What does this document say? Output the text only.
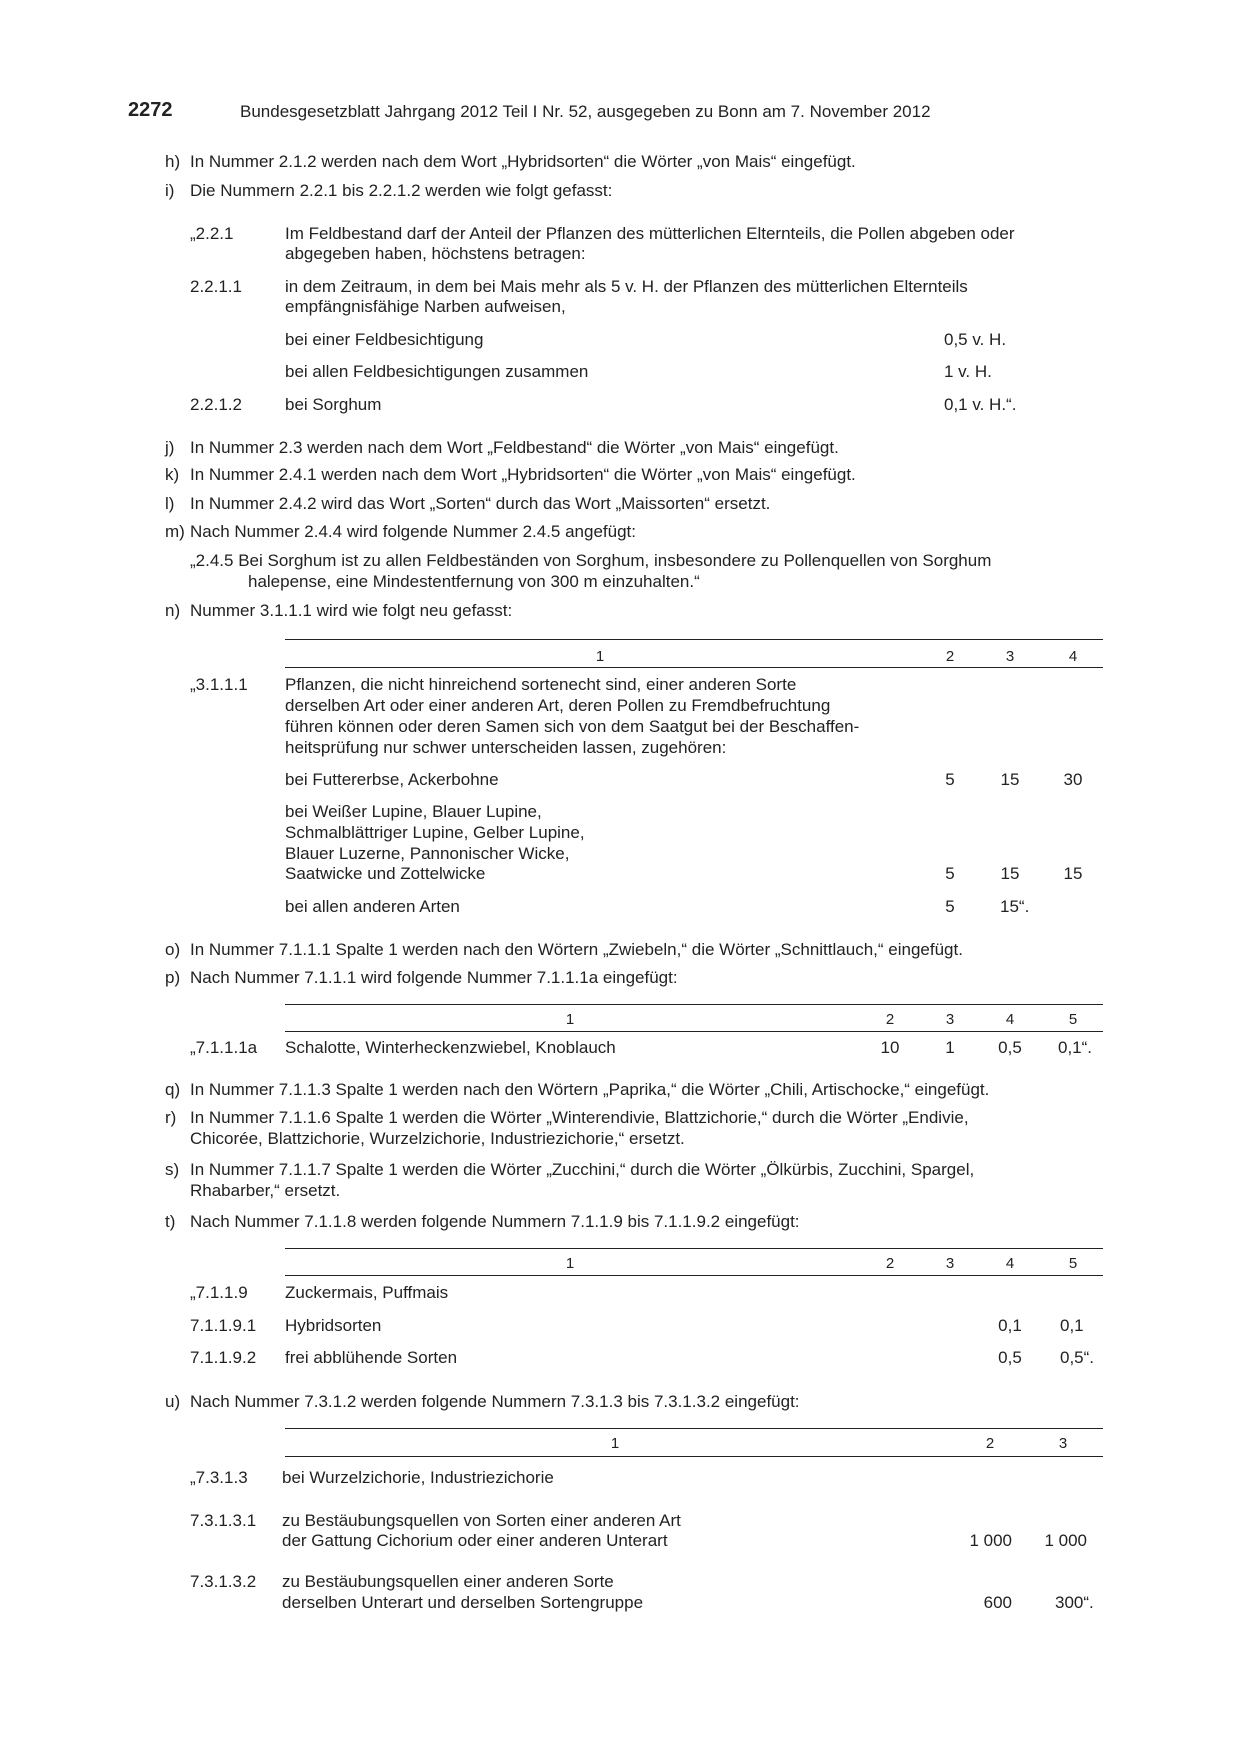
2272	Bundesgesetzblatt Jahrgang 2012 Teil I Nr. 52, ausgegeben zu Bonn am 7. November 2012
h) In Nummer 2.1.2 werden nach dem Wort „Hybridsorten“ die Wörter „von Mais“ eingefügt.
i) Die Nummern 2.2.1 bis 2.2.1.2 werden wie folgt gefasst:
„2.2.1	Im Feldbestand darf der Anteil der Pflanzen des mütterlichen Elternteils, die Pollen abgeben oder
abgegeben haben, höchstens betragen:
2.2.1.1	in dem Zeitraum, in dem bei Mais mehr als 5 v. H. der Pflanzen des mütterlichen Elternteils
empfängnisfähige Narben aufweisen,
bei einer Feldbesichtigung	0,5 v. H.
bei allen Feldbesichtigungen zusammen	1 v. H.
2.2.1.2	bei Sorghum	0,1 v. H.“.
j) In Nummer 2.3 werden nach dem Wort „Feldbestand“ die Wörter „von Mais“ eingefügt.
k) In Nummer 2.4.1 werden nach dem Wort „Hybridsorten“ die Wörter „von Mais“ eingefügt.
l) In Nummer 2.4.2 wird das Wort „Sorten“ durch das Wort „Maissorten“ ersetzt.
m) Nach Nummer 2.4.4 wird folgende Nummer 2.4.5 angefügt:
„2.4.5 Bei Sorghum ist zu allen Feldbeständen von Sorghum, insbesondere zu Pollenquellen von Sorghum
halepense, eine Mindestentfernung von 300 m einzuhalten.“
n) Nummer 3.1.1.1 wird wie folgt neu gefasst:
1	2	3	4
„3.1.1.1 Pflanzen, die nicht hinreichend sortenecht sind, einer anderen Sorte
derselben Art oder einer anderen Art, deren Pollen zu Fremdbefruchtung
führen können oder deren Samen sich von dem Saatgut bei der Beschaffen-
heitsprüfung nur schwer unterscheiden lassen, zugehören:
bei Futtererbse, Ackerbohne	5	15	30
bei Weißer Lupine, Blauer Lupine,
Schmalblättriger Lupine, Gelber Lupine,
Blauer Luzerne, Pannonischer Wicke,
Saatwicke und Zottelwicke	5	15	15
bei allen anderen Arten	5	15“.
o) In Nummer 7.1.1.1 Spalte 1 werden nach den Wörtern „Zwiebeln,“ die Wörter „Schnittlauch,“ eingefügt.
p) Nach Nummer 7.1.1.1 wird folgende Nummer 7.1.1.1a eingefügt:
1	2	3	4	5
„7.1.1.1a Schalotte, Winterheckenzwiebel, Knoblauch	10	1	0,5	0,1“.
q) In Nummer 7.1.1.3 Spalte 1 werden nach den Wörtern „Paprika,“ die Wörter „Chili, Artischocke,“ eingefügt.
r) In Nummer 7.1.1.6 Spalte 1 werden die Wörter „Winterendivie, Blattzichorie,“ durch die Wörter „Endivie,
Chicorée, Blattzichorie, Wurzelzichorie, Industriezichorie,“ ersetzt.
s) In Nummer 7.1.1.7 Spalte 1 werden die Wörter „Zucchini,“ durch die Wörter „Ölkürbis, Zucchini, Spargel,
Rhabarber,“ ersetzt.
t) Nach Nummer 7.1.1.8 werden folgende Nummern 7.1.1.9 bis 7.1.1.9.2 eingefügt:
1	2	3	4	5
„7.1.1.9 Zuckermais, Puffmais
7.1.1.9.1 Hybridsorten	0,1	0,1
7.1.1.9.2 frei abblühende Sorten	0,5	0,5“.
u) Nach Nummer 7.3.1.2 werden folgende Nummern 7.3.1.3 bis 7.3.1.3.2 eingefügt:
1	2	3
„7.3.1.3 bei Wurzelzichorie, Industriezichorie
7.3.1.3.1 zu Bestäubungsquellen von Sorten einer anderen Art
der Gattung Cichorium oder einer anderen Unterart	1 000	1 000
7.3.1.3.2 zu Bestäubungsquellen einer anderen Sorte
derselben Unterart und derselben Sortengruppe	600	300“.
